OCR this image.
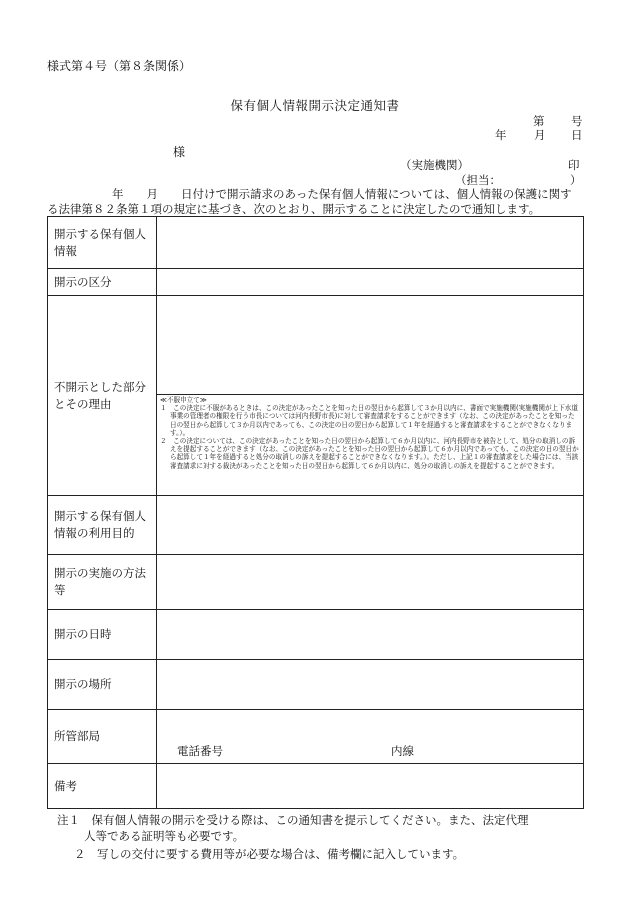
様式第４号（第８条関係）
保有個人情報開示決定通知書
第 号
年 月 日
様
（実施機関）	印
（担当：	）
年　　月　　日付けで開示請求のあった保有個人情報については、個人情報の保護に関す
る法律第８２条第１項の規定に基づき、次のとおり、開示することに決定したので通知します。
開示する保有個人情報	
開示の区分	
不開示とした部分とその理由	

	≪不服申立て≫
１　この決定に不服があるときは、この決定があったことを知った日の翌日から起算して３か月以内に、書面で実施機関(実施機関が上下水道事業の管理者の権限を行う市長については河内長野市長)に対して審査請求をすることができます（なお、この決定があったことを知った日の翌日から起算して３か月以内であっても、この決定の日の翌日から起算して１年を経過すると審査請求をすることができなくなります。）。
２　この決定については、この決定があったことを知った日の翌日から起算して６か月以内に、河内長野市を被告として、処分の取消しの訴えを提起することができます（なお、この決定があったことを知った日の翌日から起算して６か月以内であっても、この決定の日の翌日から起算して１年を経過すると処分の取消しの訴えを提起することができなくなります。）。ただし、上記１の審査請求をした場合には、当該審査請求に対する裁決があったことを知った日の翌日から起算して６か月以内に、処分の取消しの訴えを提起することができます。

開示する保有個人情報の利用目的	
開示の実施の方法等	
開示の日時	
開示の場所	
所管部局	電話番号 内線

備考	
注１　保有個人情報の開示を受ける際は、この通知書を提示してください。また、法定代理
人等である証明等も必要です。
２　写しの交付に要する費用等が必要な場合は、備考欄に記入しています。
